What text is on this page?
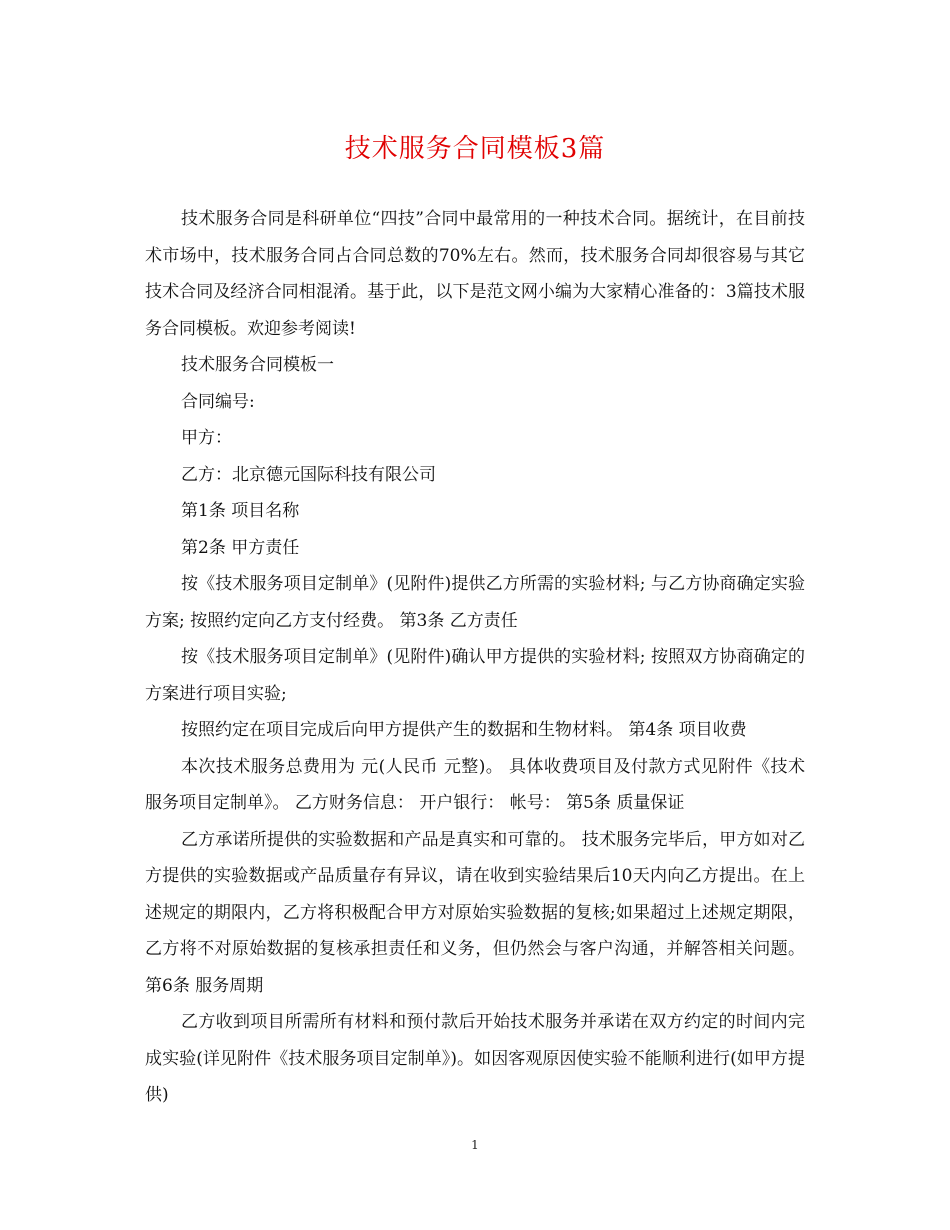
技术服务合同模板3篇

技术服务合同是科研单位“四技”合同中最常用的一种技术合同。据统计，在目前技术市场中，技术服务合同占合同总数的70%左右。然而，技术服务合同却很容易与其它技术合同及经济合同相混淆。基于此，以下是范文网小编为大家精心准备的：3篇技术服务合同模板。欢迎参考阅读!

技术服务合同模板一

合同编号:

甲方：

乙方：北京德元国际科技有限公司

第1条 项目名称

第2条 甲方责任

按《技术服务项目定制单》(见附件)提供乙方所需的实验材料; 与乙方协商确定实验方案; 按照约定向乙方支付经费。 第3条 乙方责任

按《技术服务项目定制单》(见附件)确认甲方提供的实验材料; 按照双方协商确定的方案进行项目实验;

按照约定在项目完成后向甲方提供产生的数据和生物材料。 第4条 项目收费

本次技术服务总费用为 元(人民币 元整)。 具体收费项目及付款方式见附件《技术服务项目定制单》。 乙方财务信息： 开户银行： 帐号： 第5条 质量保证

乙方承诺所提供的实验数据和产品是真实和可靠的。 技术服务完毕后，甲方如对乙方提供的实验数据或产品质量存有异议，请在收到实验结果后10天内向乙方提出。在上述规定的期限内，乙方将积极配合甲方对原始实验数据的复核;如果超过上述规定期限，乙方将不对原始数据的复核承担责任和义务，但仍然会与客户沟通，并解答相关问题。 第6条 服务周期

乙方收到项目所需所有材料和预付款后开始技术服务并承诺在双方约定的时间内完成实验(详见附件《技术服务项目定制单》)。如因客观原因使实验不能顺利进行(如甲方提供)

1
